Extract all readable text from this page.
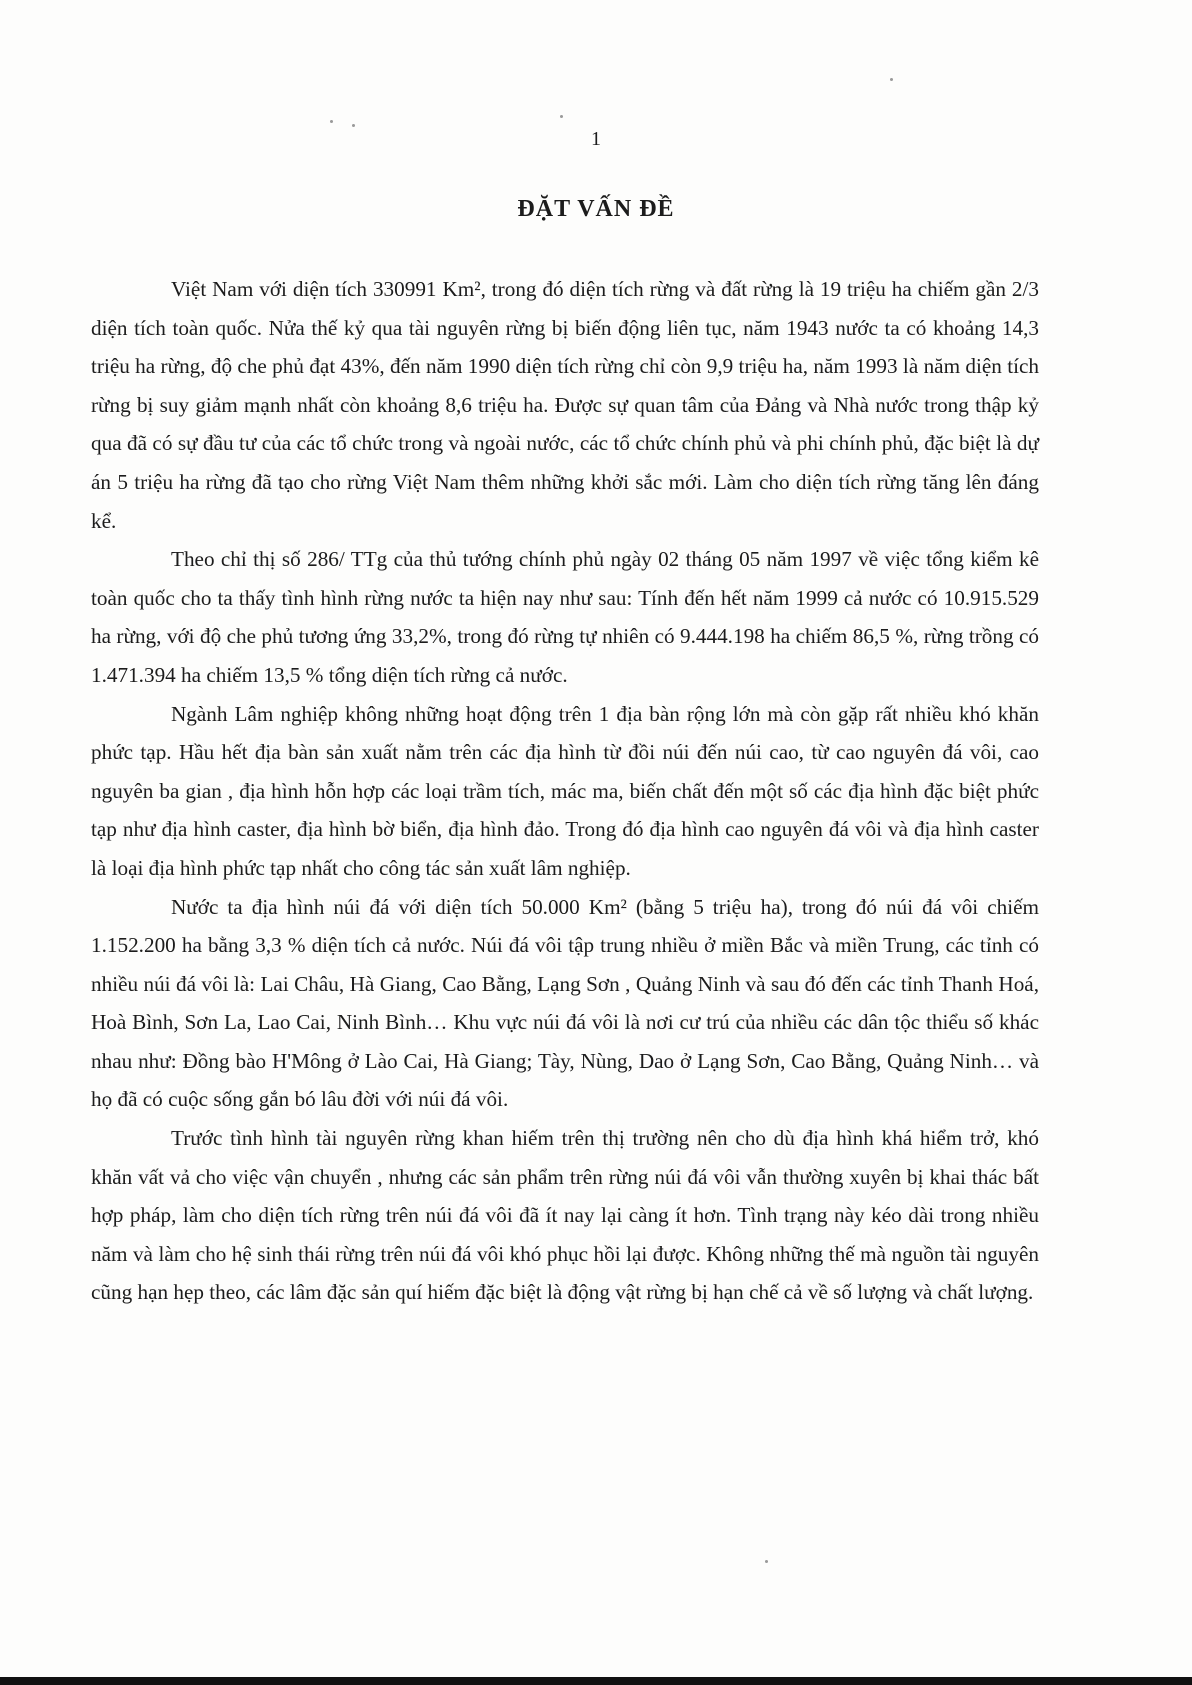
1
ĐẶT VẤN ĐỀ

Việt Nam với diện tích 330991 Km², trong đó diện tích rừng và đất rừng là 19 triệu ha chiếm gần 2/3 diện tích toàn quốc. Nửa thế kỷ qua tài nguyên rừng bị biến động liên tục, năm 1943 nước ta có khoảng 14,3 triệu ha rừng, độ che phủ đạt 43%, đến năm 1990 diện tích rừng chỉ còn 9,9 triệu ha, năm 1993 là năm diện tích rừng bị suy giảm mạnh nhất còn khoảng 8,6 triệu ha. Được sự quan tâm của Đảng và Nhà nước trong thập kỷ qua đã có sự đầu tư của các tổ chức trong và ngoài nước, các tổ chức chính phủ và phi chính phủ, đặc biệt là dự án 5 triệu ha rừng đã tạo cho rừng Việt Nam thêm những khởi sắc mới. Làm cho diện tích rừng tăng lên đáng kể.

Theo chỉ thị số 286/ TTg của thủ tướng chính phủ ngày 02 tháng 05 năm 1997 về việc tổng kiểm kê toàn quốc cho ta thấy tình hình rừng nước ta hiện nay như sau: Tính đến hết năm 1999 cả nước có 10.915.529 ha rừng, với độ che phủ tương ứng 33,2%, trong đó rừng tự nhiên có 9.444.198 ha chiếm 86,5 %, rừng trồng có 1.471.394 ha chiếm 13,5 % tổng diện tích rừng cả nước.

Ngành Lâm nghiệp không những hoạt động trên 1 địa bàn rộng lớn mà còn gặp rất nhiều khó khăn phức tạp. Hầu hết địa bàn sản xuất nằm trên các địa hình từ đồi núi đến núi cao, từ cao nguyên đá vôi, cao nguyên ba gian , địa hình hỗn hợp các loại trầm tích, mác ma, biến chất đến một số các địa hình đặc biệt phức tạp như địa hình caster, địa hình bờ biển, địa hình đảo. Trong đó địa hình cao nguyên đá vôi và địa hình caster là loại địa hình phức tạp nhất cho công tác sản xuất lâm nghiệp.

Nước ta địa hình núi đá với diện tích 50.000 Km² (bằng 5 triệu ha), trong đó núi đá vôi chiếm 1.152.200 ha bằng 3,3 % diện tích cả nước. Núi đá vôi tập trung nhiều ở miền Bắc và miền Trung, các tỉnh có nhiều núi đá vôi là: Lai Châu, Hà Giang, Cao Bằng, Lạng Sơn , Quảng Ninh và sau đó đến các tỉnh Thanh Hoá, Hoà Bình, Sơn La, Lao Cai, Ninh Bình… Khu vực núi đá vôi là nơi cư trú của nhiều các dân tộc thiểu số khác nhau như: Đồng bào H'Mông ở Lào Cai, Hà Giang; Tày, Nùng, Dao ở Lạng Sơn, Cao Bằng, Quảng Ninh… và họ đã có cuộc sống gắn bó lâu đời với núi đá vôi.

Trước tình hình tài nguyên rừng khan hiếm trên thị trường nên cho dù địa hình khá hiểm trở, khó khăn vất vả cho việc vận chuyển , nhưng các sản phẩm trên rừng núi đá vôi vẫn thường xuyên bị khai thác bất hợp pháp, làm cho diện tích rừng trên núi đá vôi đã ít nay lại càng ít hơn. Tình trạng này kéo dài trong nhiều năm và làm cho hệ sinh thái rừng trên núi đá vôi khó phục hồi lại được. Không những thế mà nguồn tài nguyên cũng hạn hẹp theo, các lâm đặc sản quí hiếm đặc biệt là động vật rừng bị hạn chế cả về số lượng và chất lượng.
